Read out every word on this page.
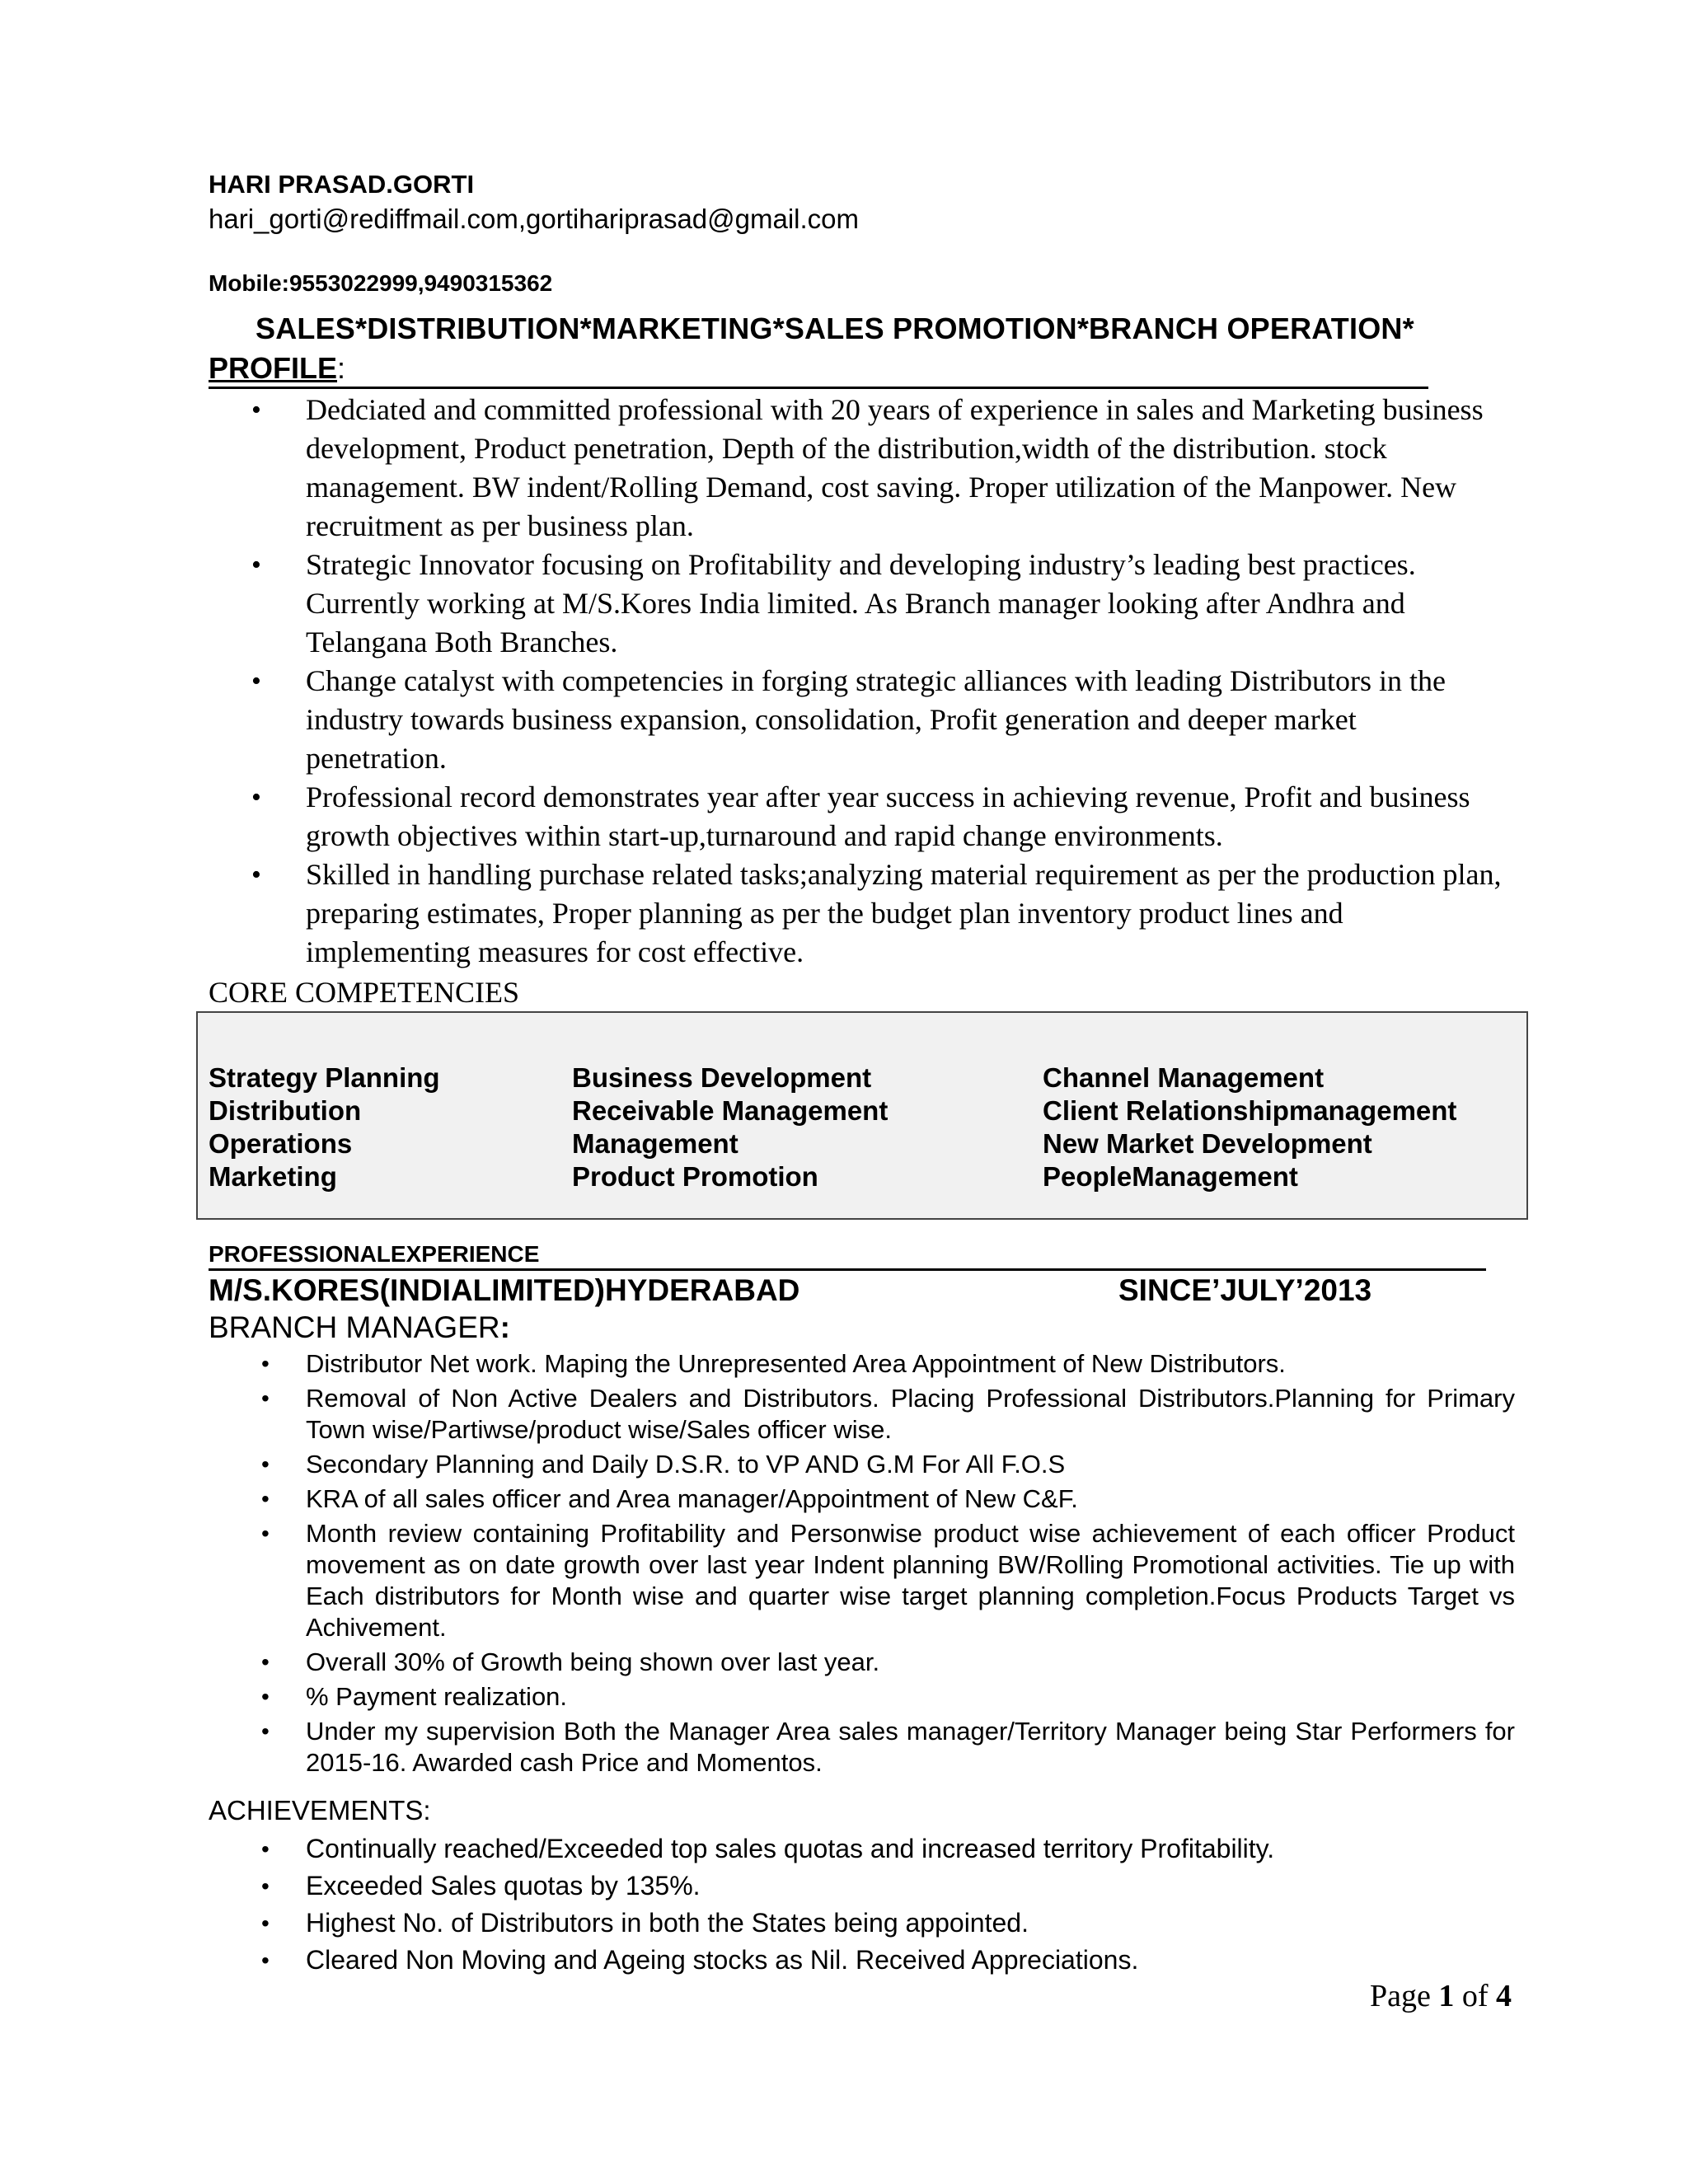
HARI PRASAD.GORTI
hari_gorti@rediffmail.com,gortihariprasad@gmail.com
Mobile:9553022999,9490315362
SALES*DISTRIBUTION*MARKETING*SALES PROMOTION*BRANCH OPERATION*
PROFILE:
• Dedciated and committed professional with 20 years of experience in sales and Marketing business development, Product penetration, Depth of the distribution,width of the distribution. stock management. BW indent/Rolling Demand, cost saving. Proper utilization of the Manpower. New recruitment as per business plan.
• Strategic Innovator focusing on Profitability and developing industry’s leading best practices. Currently working at M/S.Kores India limited. As Branch manager looking after Andhra and Telangana Both Branches.
• Change catalyst with competencies in forging strategic alliances with leading Distributors in the industry towards business expansion, consolidation, Profit generation and deeper market penetration.
• Professional record demonstrates year after year success in achieving revenue, Profit and business growth objectives within start-up,turnaround and rapid change environments.
• Skilled in handling purchase related tasks;analyzing material requirement as per the production plan, preparing estimates, Proper planning as per the budget plan inventory product lines and implementing measures for cost effective.
CORE COMPETENCIES
Strategy Planning
Distribution
Operations
Marketing
Business Development
Receivable Management
Management
Product Promotion
Channel Management
Client Relationshipmanagement
New Market Development
PeopleManagement
PROFESSIONALEXPERIENCE
M/S.KORES(INDIALIMITED)HYDERABAD	SINCE’JULY’2013
BRANCH MANAGER:
• Distributor Net work. Maping the Unrepresented Area Appointment of New Distributors.
• Removal of Non Active Dealers and Distributors. Placing Professional Distributors.Planning for Primary Town wise/Partiwse/product wise/Sales officer wise.
• Secondary Planning and Daily D.S.R. to VP AND G.M For All F.O.S
• KRA of all sales officer and Area manager/Appointment of New C&F.
• Month review containing Profitability and Personwise product wise achievement of each officer Product movement as on date growth over last year Indent planning BW/Rolling Promotional activities. Tie up with Each distributors for Month wise and quarter wise target planning completion.Focus Products Target vs Achivement.
• Overall 30% of Growth being shown over last year.
• % Payment realization.
• Under my supervision Both the Manager Area sales manager/Territory Manager being Star Performers for 2015-16. Awarded cash Price and Momentos.
ACHIEVEMENTS:
• Continually reached/Exceeded top sales quotas and increased territory Profitability.
• Exceeded Sales quotas by 135%.
• Highest No. of Distributors in both the States being appointed.
• Cleared Non Moving and Ageing stocks as Nil. Received Appreciations.
Page 1 of 4
